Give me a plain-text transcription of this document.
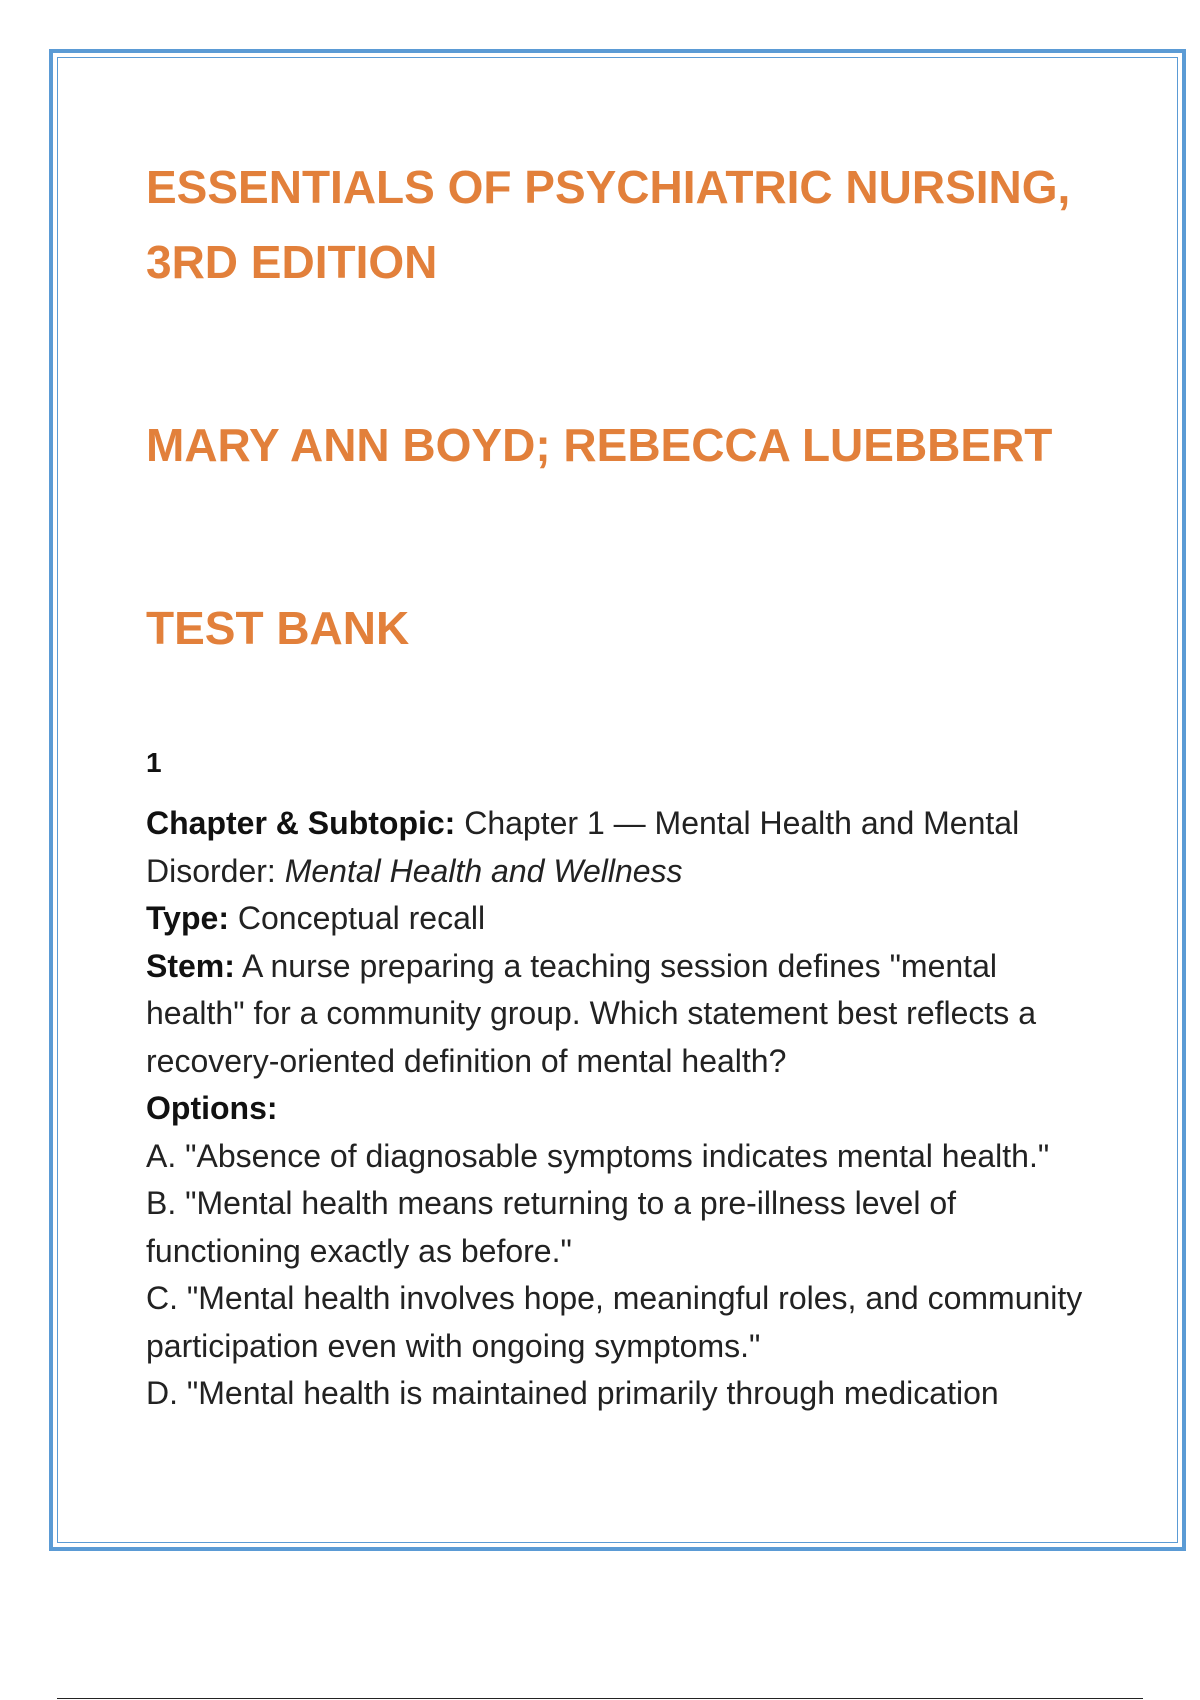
ESSENTIALS OF PSYCHIATRIC NURSING,
3RD EDITION
MARY ANN BOYD; REBECCA LUEBBERT
TEST BANK
1

Chapter & Subtopic: Chapter 1 — Mental Health and Mental Disorder: Mental Health and Wellness

Type: Conceptual recall

Stem: A nurse preparing a teaching session defines "mental health" for a community group. Which statement best reflects a recovery-oriented definition of mental health?

Options:

A. "Absence of diagnosable symptoms indicates mental health."

B. "Mental health means returning to a pre-illness level of functioning exactly as before."

C. "Mental health involves hope, meaningful roles, and community participation even with ongoing symptoms."

D. "Mental health is maintained primarily through medication
